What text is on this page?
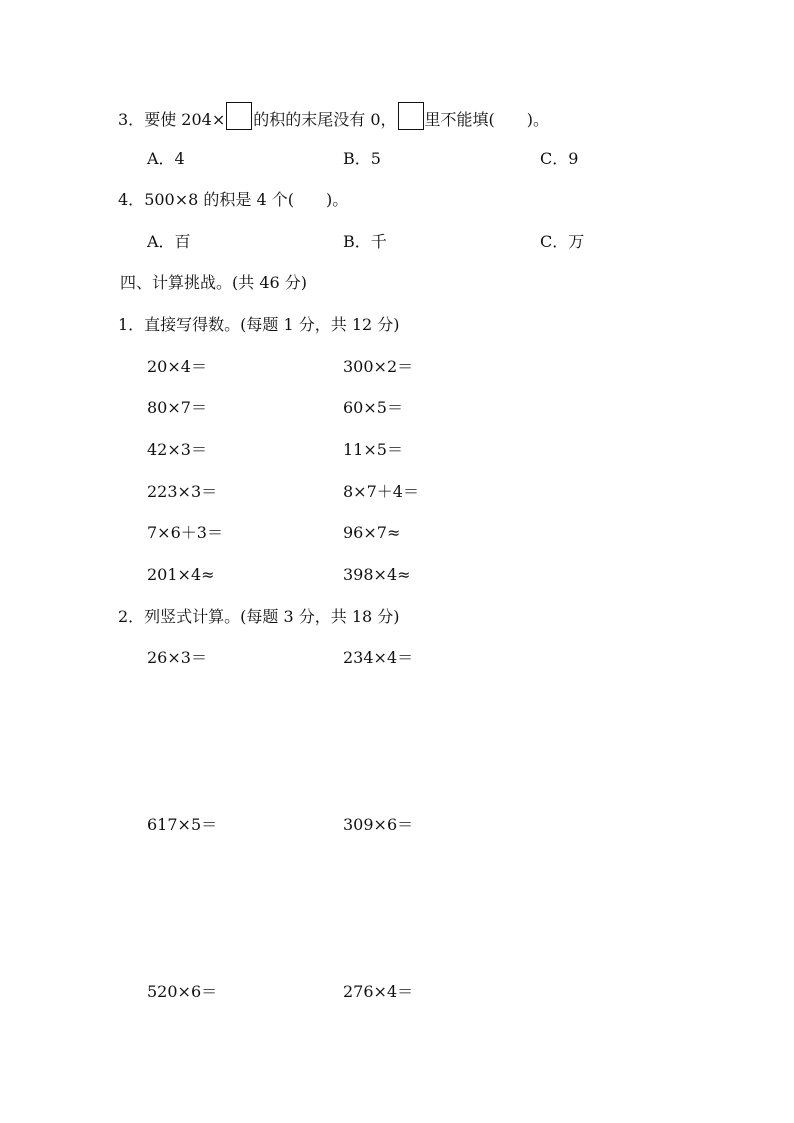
3． 要使 204× 的积的末尾没有 0， 里不能填( )。
A．4	B．5	C．9
4． 500×8 的积是 4 个( )。
A．百	B．千	C．万
四、计算挑战。(共 46 分)
1．直接写得数。(每题 1 分，共 12 分)
20×4＝	300×2＝
80×7＝	60×5＝
42×3＝	11×5＝
223×3＝	8×7＋4＝
7×6＋3＝	96×7≈
201×4≈	398×4≈
2．列竖式计算。(每题 3 分，共 18 分)
26×3＝	234×4＝
617×5＝	309×6＝
520×6＝	276×4＝
